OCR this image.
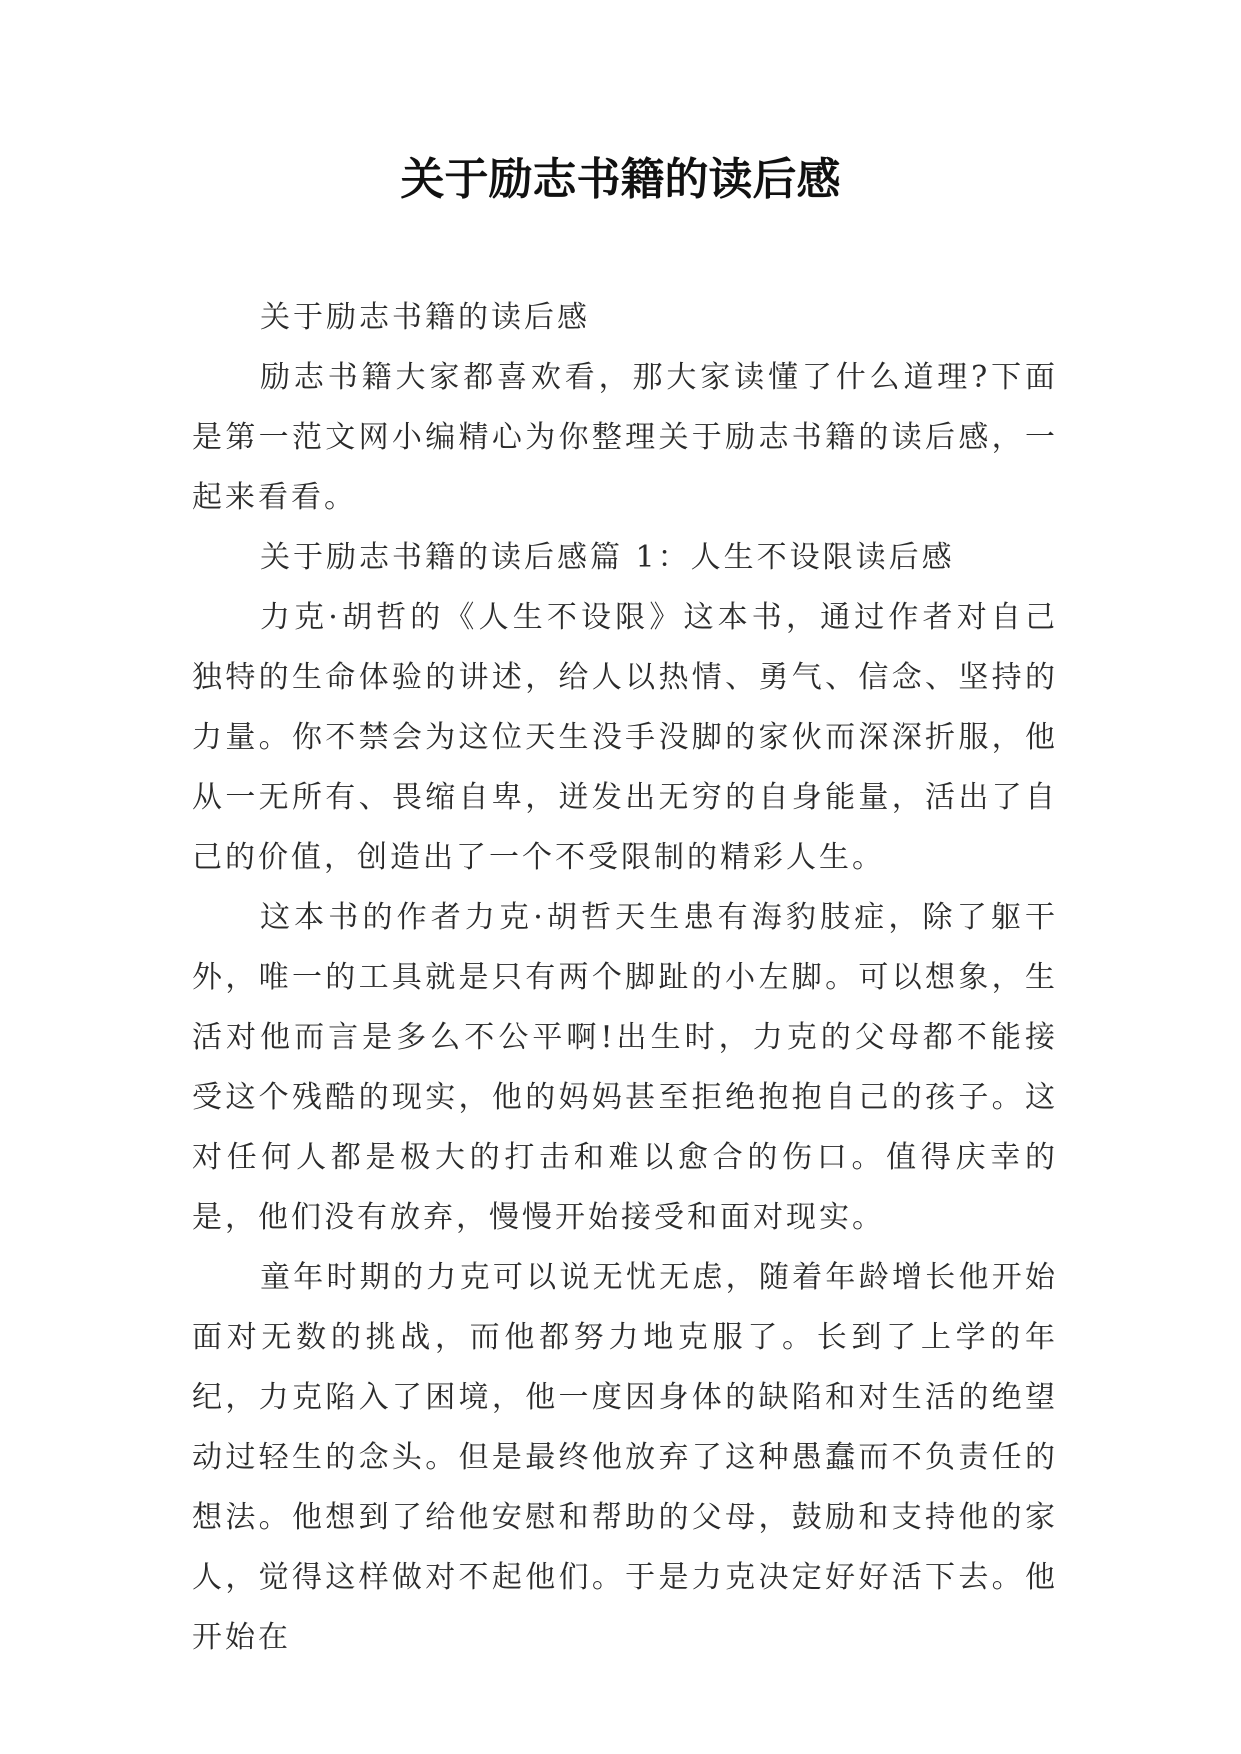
关于励志书籍的读后感

关于励志书籍的读后感

励志书籍大家都喜欢看，那大家读懂了什么道理?下面是第一范文网小编精心为你整理关于励志书籍的读后感，一起来看看。

关于励志书籍的读后感篇 1：人生不设限读后感

力克·胡哲的《人生不设限》这本书，通过作者对自己独特的生命体验的讲述，给人以热情、勇气、信念、坚持的力量。你不禁会为这位天生没手没脚的家伙而深深折服，他从一无所有、畏缩自卑，迸发出无穷的自身能量，活出了自己的价值，创造出了一个不受限制的精彩人生。

这本书的作者力克·胡哲天生患有海豹肢症，除了躯干外，唯一的工具就是只有两个脚趾的小左脚。可以想象，生活对他而言是多么不公平啊!出生时，力克的父母都不能接受这个残酷的现实，他的妈妈甚至拒绝抱抱自己的孩子。这对任何人都是极大的打击和难以愈合的伤口。值得庆幸的是，他们没有放弃，慢慢开始接受和面对现实。

童年时期的力克可以说无忧无虑，随着年龄增长他开始面对无数的挑战，而他都努力地克服了。长到了上学的年纪，力克陷入了困境，他一度因身体的缺陷和对生活的绝望动过轻生的念头。但是最终他放弃了这种愚蠢而不负责任的想法。他想到了给他安慰和帮助的父母，鼓励和支持他的家人，觉得这样做对不起他们。于是力克决定好好活下去。他开始在
